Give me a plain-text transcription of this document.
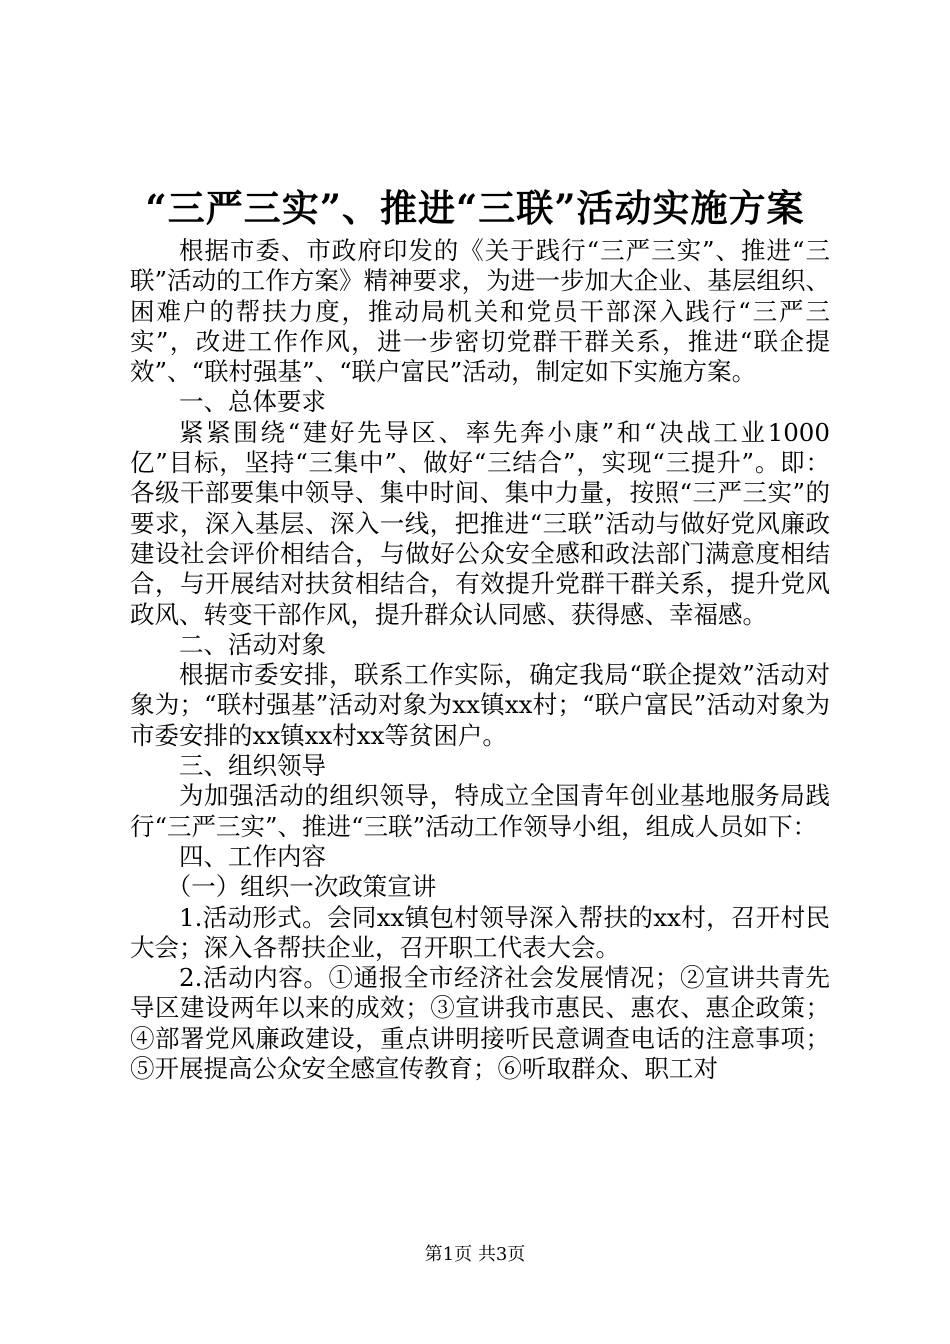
“三严三实”、推进“三联”活动实施方案

根据市委、市政府印发的《关于践行“三严三实”、推进“三联”活动的工作方案》精神要求，为进一步加大企业、基层组织、困难户的帮扶力度，推动局机关和党员干部深入践行“三严三实”，改进工作作风，进一步密切党群干群关系，推进“联企提效”、“联村强基”、“联户富民”活动，制定如下实施方案。

一、总体要求

紧紧围绕“建好先导区、率先奔小康”和“决战工业1000亿”目标，坚持“三集中”、做好“三结合”，实现“三提升”。即：各级干部要集中领导、集中时间、集中力量，按照“三严三实”的要求，深入基层、深入一线，把推进“三联”活动与做好党风廉政建设社会评价相结合，与做好公众安全感和政法部门满意度相结合，与开展结对扶贫相结合，有效提升党群干群关系，提升党风政风、转变干部作风，提升群众认同感、获得感、幸福感。

二、活动对象

根据市委安排，联系工作实际，确定我局“联企提效”活动对象为；“联村强基”活动对象为xx镇xx村；“联户富民”活动对象为市委安排的xx镇xx村xx等贫困户。

三、组织领导

为加强活动的组织领导，特成立全国青年创业基地服务局践行“三严三实”、推进“三联”活动工作领导小组，组成人员如下：

四、工作内容

（一）组织一次政策宣讲

1.活动形式。会同xx镇包村领导深入帮扶的xx村，召开村民大会；深入各帮扶企业，召开职工代表大会。

2.活动内容。①通报全市经济社会发展情况；②宣讲共青先导区建设两年以来的成效；③宣讲我市惠民、惠农、惠企政策；④部署党风廉政建设，重点讲明接听民意调查电话的注意事项；⑤开展提高公众安全感宣传教育；⑥听取群众、职工对

第1页 共3页
